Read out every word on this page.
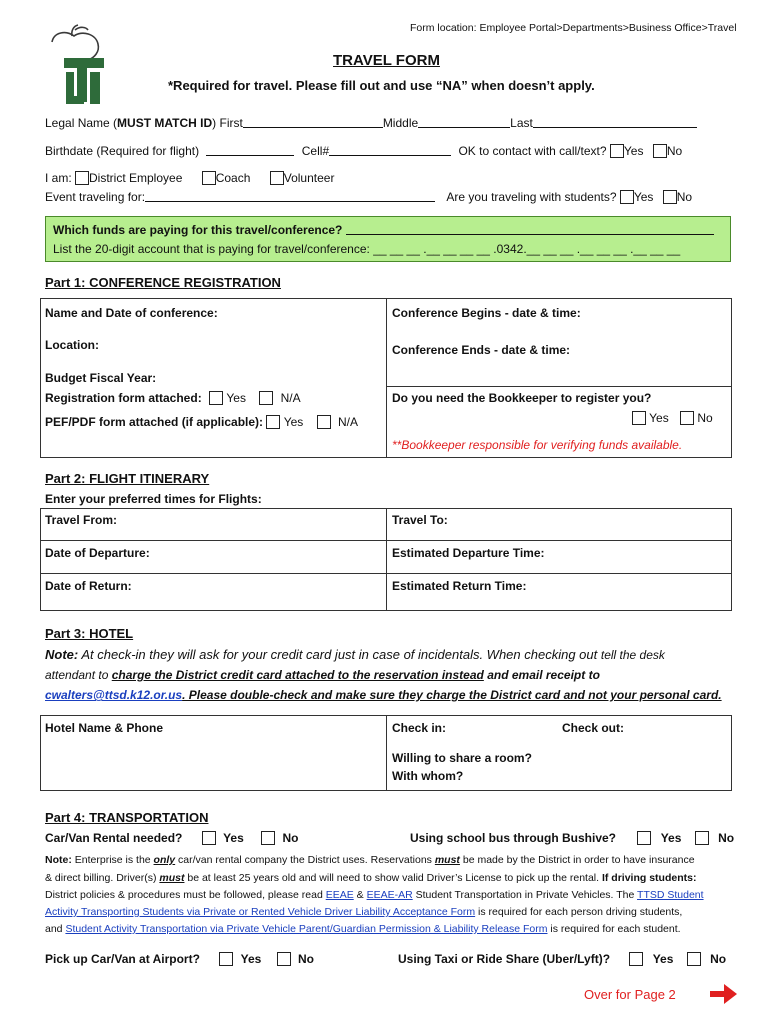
Form location: Employee Portal>Departments>Business Office>Travel
TRAVEL FORM
*Required for travel. Please fill out and use “NA” when doesn’t apply.
Legal Name (MUST MATCH ID) First	Middle	Last
Birthdate (Required for flight)	Cell#	OK to contact with call/text? Yes No
I am: District Employee	Coach	Volunteer
Event traveling for:	Are you traveling with students? Yes No
Which funds are paying for this travel/conference?
List the 20-digit account that is paying for travel/conference: __ __ __ .__ __ __ __ .0342.__ __ __ .__ __ __ .__ __ __
Part 1: CONFERENCE REGISTRATION
Name and Date of conference:	Conference Begins - date & time:
Location:	Conference Ends - date & time:
Budget Fiscal Year:
Registration form attached: Yes	N/A
PEF/PDF form attached (if applicable): Yes	N/A
Do you need the Bookkeeper to register you?
Yes No
**Bookkeeper responsible for verifying funds available.
Part 2: FLIGHT ITINERARY
Enter your preferred times for Flights:
Travel From:	Travel To:
Date of Departure:	Estimated Departure Time:
Date of Return:	Estimated Return Time:
Part 3: HOTEL
Note: At check-in they will ask for your credit card just in case of incidentals. When checking out tell the desk
attendant to charge the District credit card attached to the reservation instead and email receipt to
cwalters@ttsd.k12.or.us. Please double-check and make sure they charge the District card and not your personal card.
Hotel Name & Phone	Check in:	Check out:
Willing to share a room?
With whom?
Part 4: TRANSPORTATION
Car/Van Rental needed?	Yes	No	Using school bus through Bushive?	Yes	No
Note: Enterprise is the only car/van rental company the District uses. Reservations must be made by the District in order to have insurance
& direct billing. Driver(s) must be at least 25 years old and will need to show valid Driver’s License to pick up the rental. If driving students:
District policies & procedures must be followed, please read EEAE & EEAE-AR Student Transportation in Private Vehicles. The TTSD Student
Activity Transporting Students via Private or Rented Vehicle Driver Liability Acceptance Form is required for each person driving students,
and Student Activity Transportation via Private Vehicle Parent/Guardian Permission & Liability Release Form is required for each student.
Pick up Car/Van at Airport?	Yes	No	Using Taxi or Ride Share (Uber/Lyft)?	Yes	No
Over for Page 2
